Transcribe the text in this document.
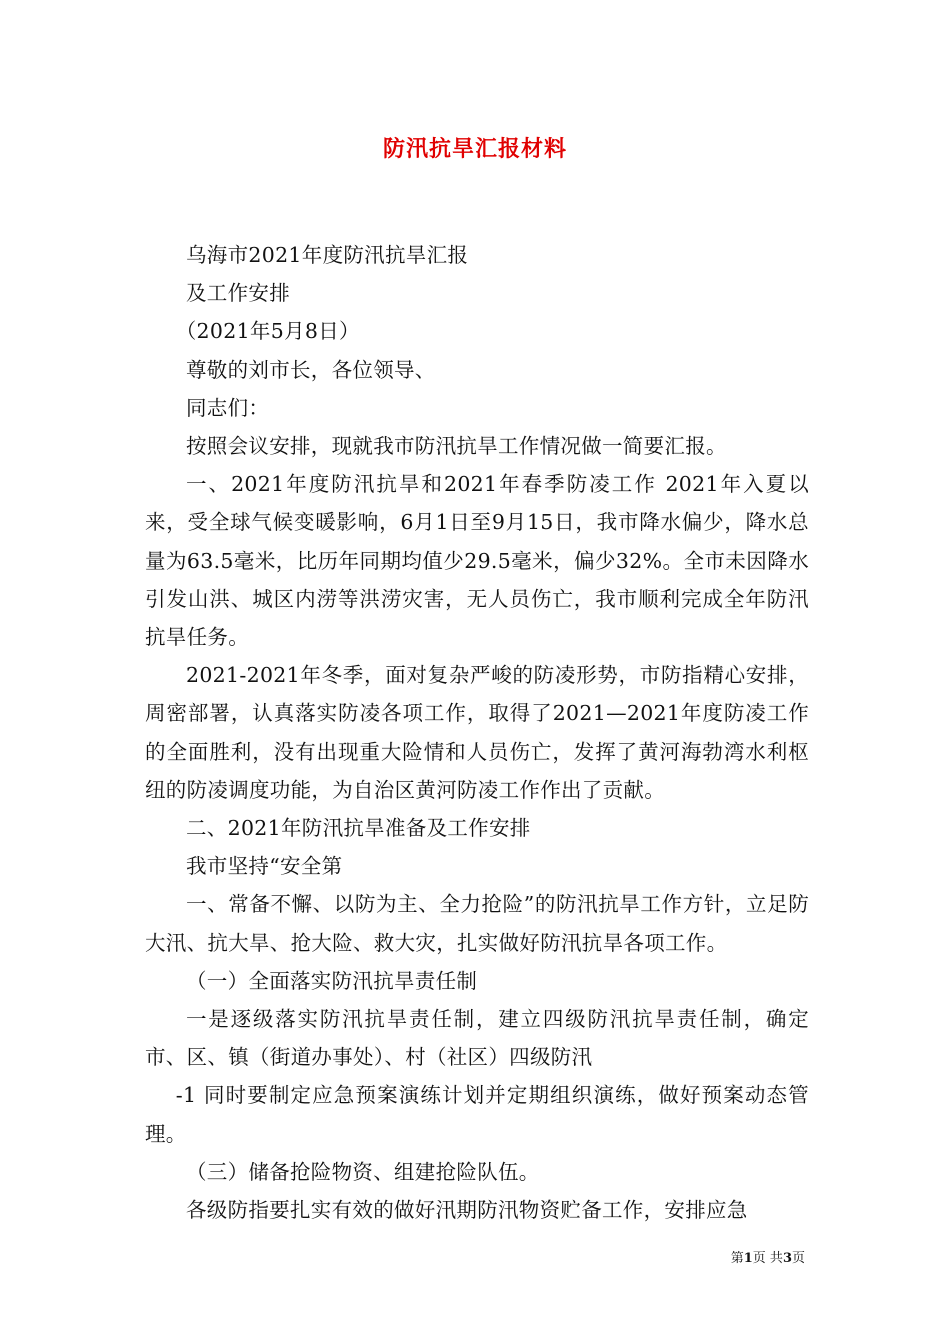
防汛抗旱汇报材料

乌海市2021年度防汛抗旱汇报

及工作安排

（2021年5月8日）

尊敬的刘市长，各位领导、

同志们：

按照会议安排，现就我市防汛抗旱工作情况做一简要汇报。

一、2021年度防汛抗旱和2021年春季防凌工作 2021年入夏以来，受全球气候变暖影响，6月1日至9月15日，我市降水偏少，降水总量为63.5毫米，比历年同期均值少29.5毫米，偏少32%。全市未因降水引发山洪、城区内涝等洪涝灾害，无人员伤亡，我市顺利完成全年防汛抗旱任务。

2021-2021年冬季，面对复杂严峻的防凌形势，市防指精心安排，周密部署，认真落实防凌各项工作，取得了2021—2021年度防凌工作的全面胜利，没有出现重大险情和人员伤亡，发挥了黄河海勃湾水利枢纽的防凌调度功能，为自治区黄河防凌工作作出了贡献。

二、2021年防汛抗旱准备及工作安排

我市坚持“安全第

一、常备不懈、以防为主、全力抢险”的防汛抗旱工作方针，立足防大汛、抗大旱、抢大险、救大灾，扎实做好防汛抗旱各项工作。

（一）全面落实防汛抗旱责任制

一是逐级落实防汛抗旱责任制，建立四级防汛抗旱责任制，确定市、区、镇（街道办事处）、村（社区）四级防汛

-1 同时要制定应急预案演练计划并定期组织演练，做好预案动态管理。

（三）储备抢险物资、组建抢险队伍。

各级防指要扎实有效的做好汛期防汛物资贮备工作，安排应急

第1页 共3页
